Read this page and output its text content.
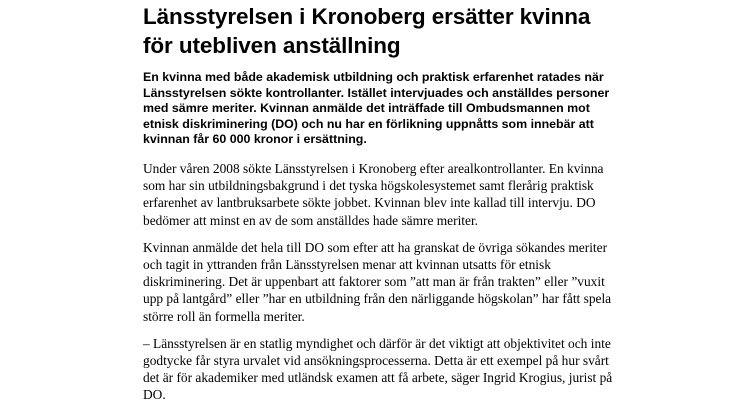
Länsstyrelsen i Kronoberg ersätter kvinna för utebliven anställning

En kvinna med både akademisk utbildning och praktisk erfarenhet ratades när Länsstyrelsen sökte kontrollanter. Istället intervjuades och anställdes personer med sämre meriter. Kvinnan anmälde det inträffade till Ombudsmannen mot etnisk diskriminering (DO) och nu har en förlikning uppnåtts som innebär att kvinnan får 60 000 kronor i ersättning.

Under våren 2008 sökte Länsstyrelsen i Kronoberg efter arealkontrollanter. En kvinna som har sin utbildningsbakgrund i det tyska högskolesystemet samt flerårig praktisk erfarenhet av lantbruksarbete sökte jobbet. Kvinnan blev inte kallad till intervju. DO bedömer att minst en av de som anställdes hade sämre meriter.

Kvinnan anmälde det hela till DO som efter att ha granskat de övriga sökandes meriter och tagit in yttranden från Länsstyrelsen menar att kvinnan utsatts för etnisk diskriminering. Det är uppenbart att faktorer som ”att man är från trakten” eller ”vuxit upp på lantgård” eller ”har en utbildning från den närliggande högskolan” har fått spela större roll än formella meriter.

– Länsstyrelsen är en statlig myndighet och därför är det viktigt att objektivitet och inte godtycke får styra urvalet vid ansökningsprocesserna. Detta är ett exempel på hur svårt det är för akademiker med utländsk examen att få arbete, säger Ingrid Krogius, jurist på DO.
